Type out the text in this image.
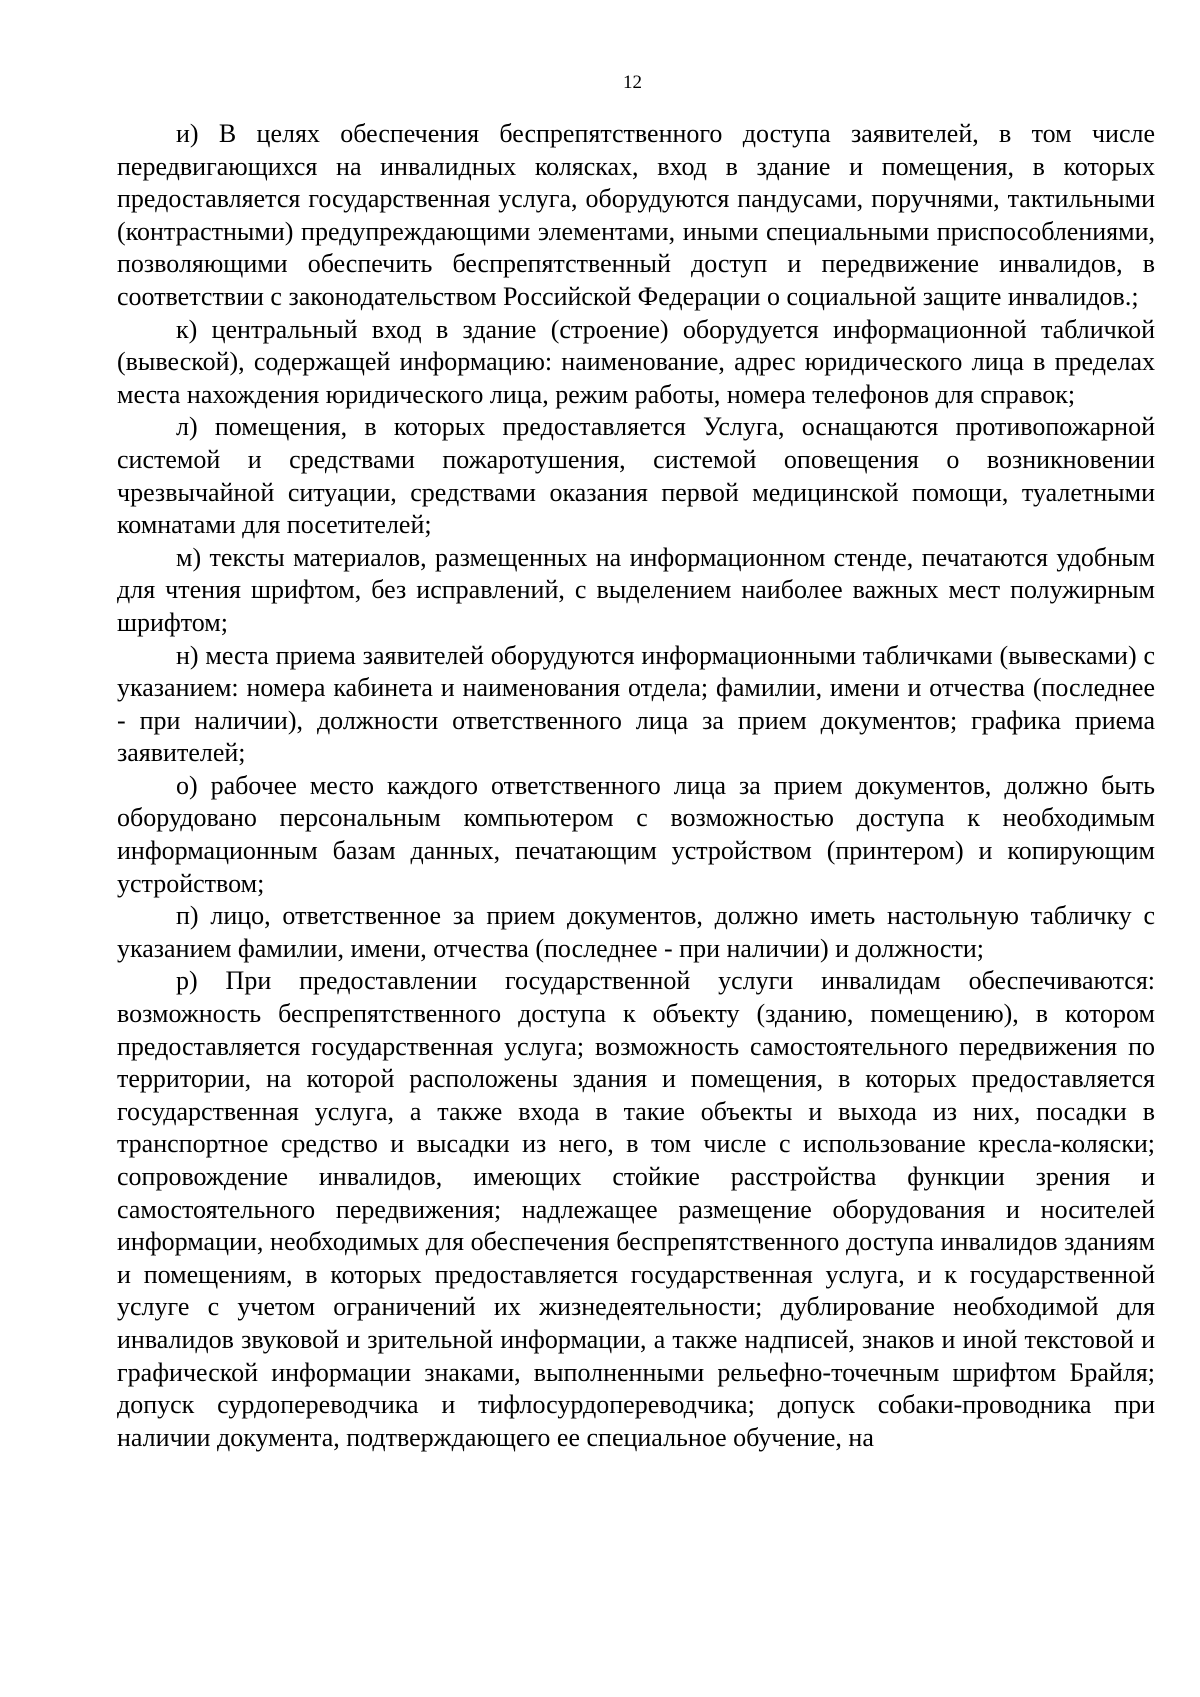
12

и) В целях обеспечения беспрепятственного доступа заявителей, в том числе передвигающихся на инвалидных колясках, вход в здание и помещения, в которых предоставляется государственная услуга, оборудуются пандусами, поручнями, тактильными (контрастными) предупреждающими элементами, иными специальными приспособлениями, позволяющими обеспечить беспрепятственный доступ и передвижение инвалидов, в соответствии с законодательством Российской Федерации о социальной защите инвалидов.;

к) центральный вход в здание (строение) оборудуется информационной табличкой (вывеской), содержащей информацию: наименование, адрес юридического лица в пределах места нахождения юридического лица, режим работы, номера телефонов для справок;

л) помещения, в которых предоставляется Услуга, оснащаются противопожарной системой и средствами пожаротушения, системой оповещения о возникновении чрезвычайной ситуации, средствами оказания первой медицинской помощи, туалетными комнатами для посетителей;

м) тексты материалов, размещенных на информационном стенде, печатаются удобным для чтения шрифтом, без исправлений, с выделением наиболее важных мест полужирным шрифтом;

н) места приема заявителей оборудуются информационными табличками (вывесками) с указанием: номера кабинета и наименования отдела; фамилии, имени и отчества (последнее - при наличии), должности ответственного лица за прием документов; графика приема заявителей;

о) рабочее место каждого ответственного лица за прием документов, должно быть оборудовано персональным компьютером с возможностью доступа к необходимым информационным базам данных, печатающим устройством (принтером) и копирующим устройством;

п) лицо, ответственное за прием документов, должно иметь настольную табличку с указанием фамилии, имени, отчества (последнее - при наличии) и должности;

р) При предоставлении государственной услуги инвалидам обеспечиваются: возможность беспрепятственного доступа к объекту (зданию, помещению), в котором предоставляется государственная услуга; возможность самостоятельного передвижения по территории, на которой расположены здания и помещения, в которых предоставляется государственная услуга, а также входа в такие объекты и выхода из них, посадки в транспортное средство и высадки из него, в том числе с использование кресла-коляски; сопровождение инвалидов, имеющих стойкие расстройства функции зрения и самостоятельного передвижения; надлежащее размещение оборудования и носителей информации, необходимых для обеспечения беспрепятственного доступа инвалидов зданиям и помещениям, в которых предоставляется государственная услуга, и к государственной услуге с учетом ограничений их жизнедеятельности; дублирование необходимой для инвалидов звуковой и зрительной информации, а также надписей, знаков и иной текстовой и графической информации знаками, выполненными рельефно-точечным шрифтом Брайля; допуск сурдопереводчика и тифлосурдопереводчика; допуск собаки-проводника при наличии документа, подтверждающего ее специальное обучение, на
